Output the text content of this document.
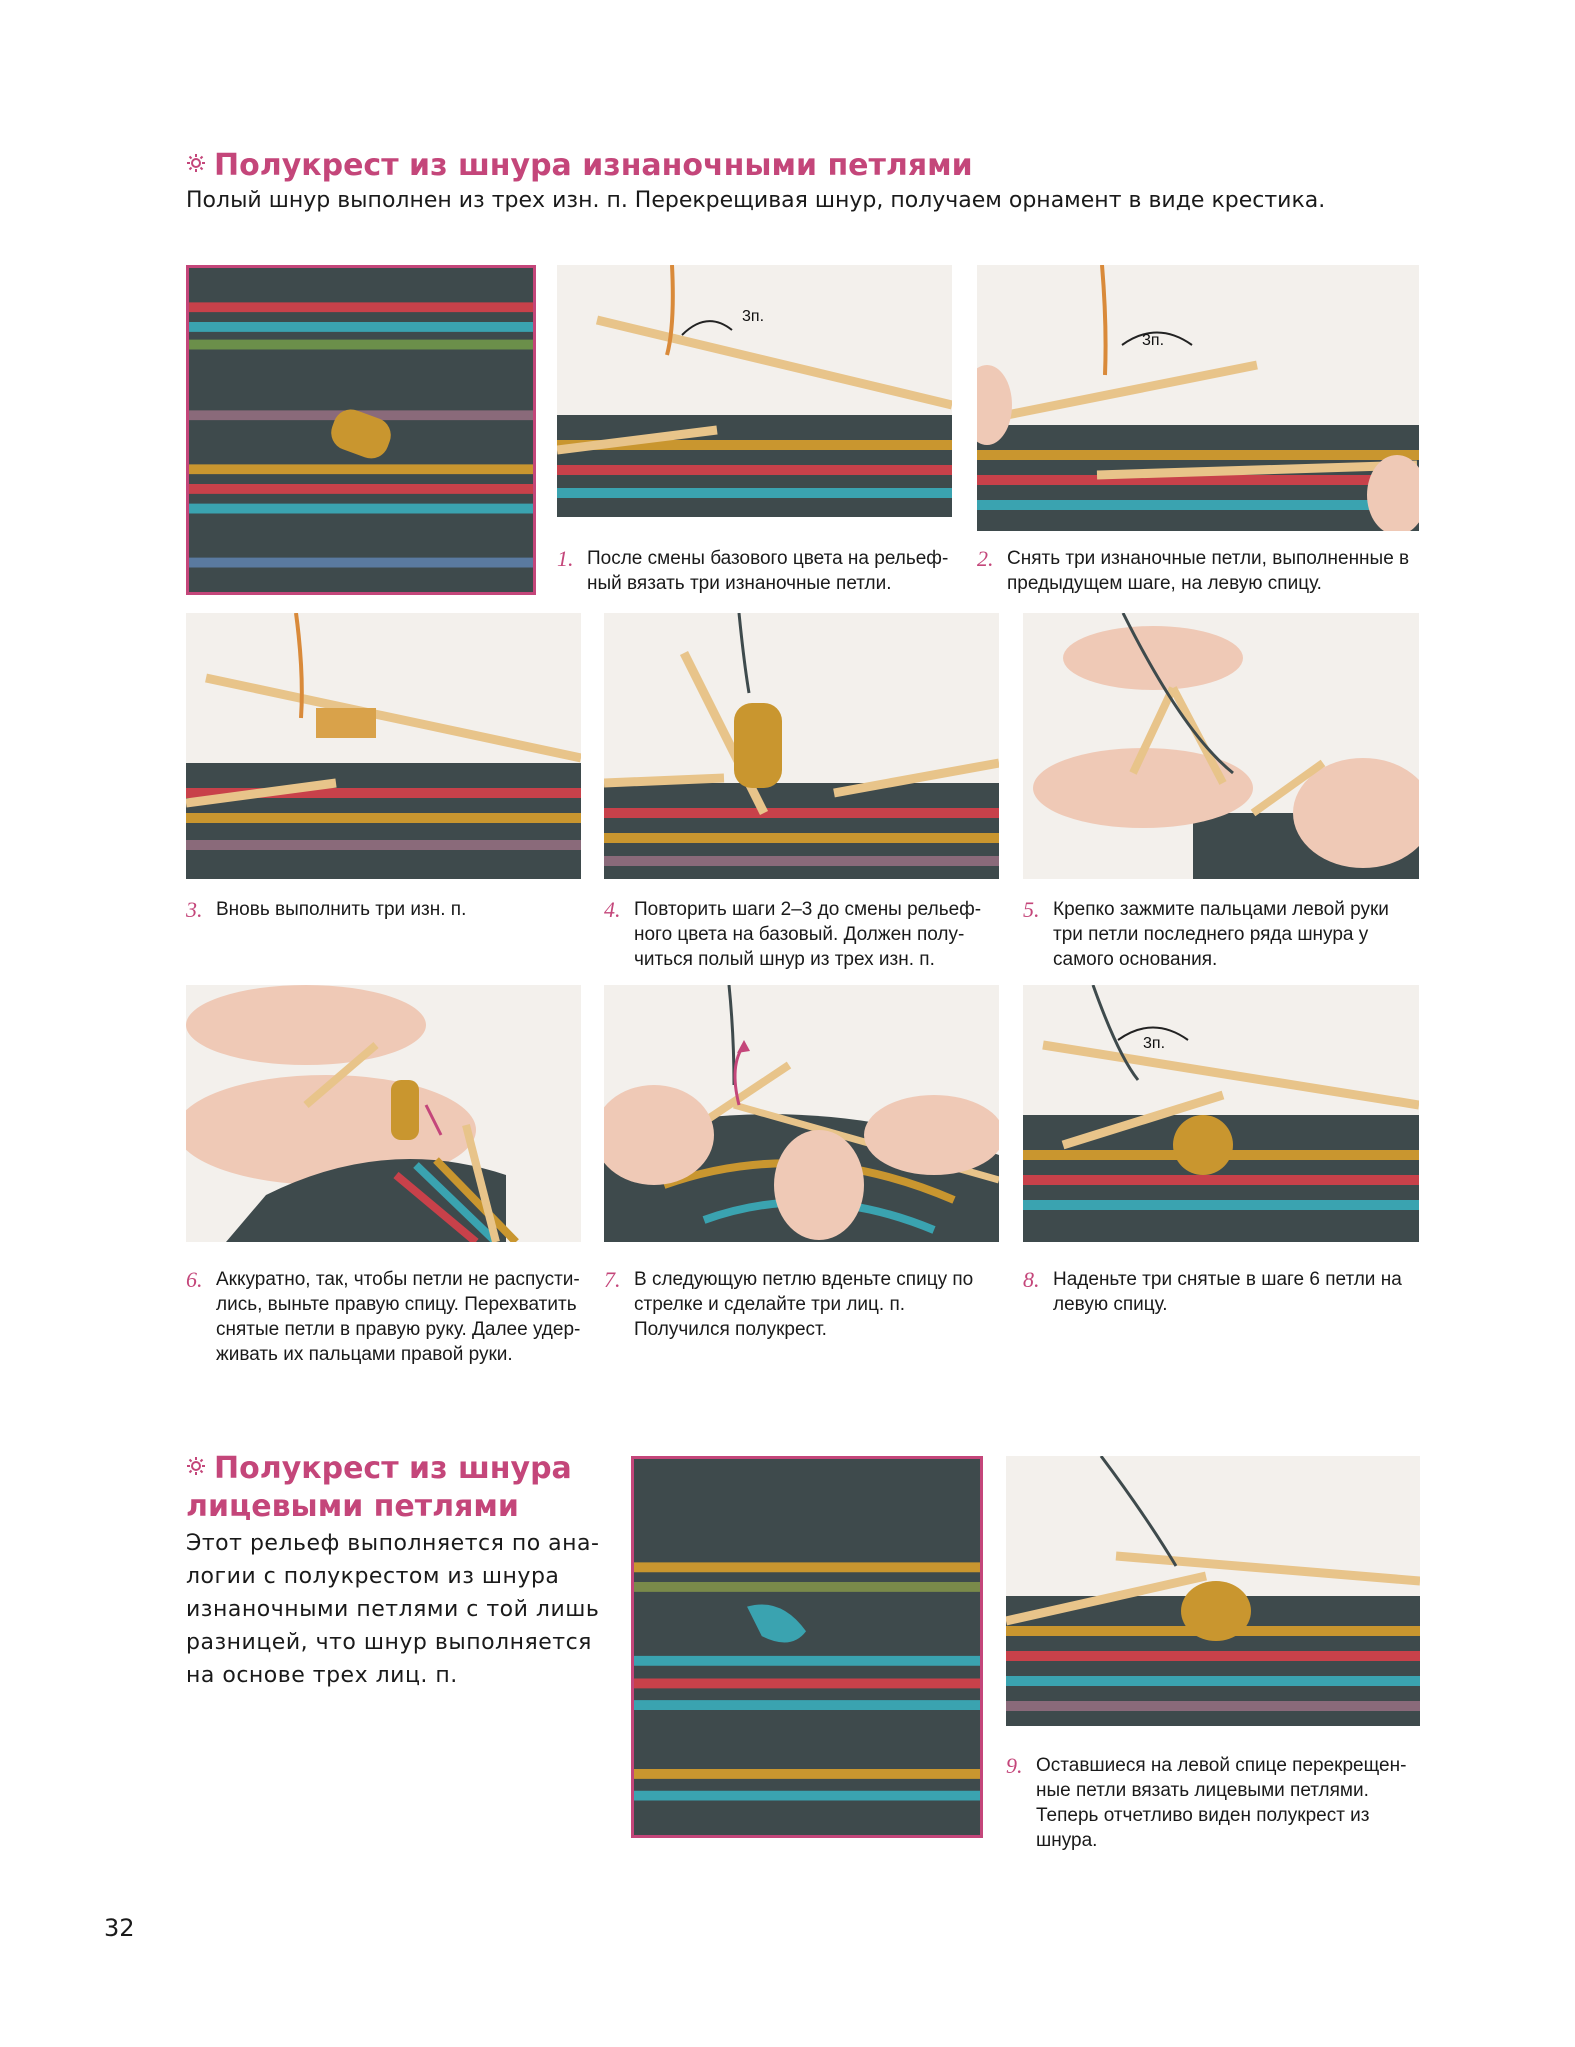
Полукрест из шнура изнаночными петлями
Полый шнур выполнен из трех изн. п. Перекрещивая шнур, получаем орнамент в виде крестика.
3п.
3п.
1. После смены базового цвета на рельеф- ный вязать три изнаночные петли.
2. Снять три изнаночные петли, выполненные в предыдущем шаге, на левую спицу.
3. Вновь выполнить три изн. п.	4. Повторить шаги 2–3 до смены рельеф- ного цвета на базовый. Должен полу- читься полый шнур из трех изн. п.
5. Крепко зажмите пальцами левой руки три петли последнего ряда шнура у самого основания.
3п.
6. Аккуратно, так, чтобы петли не распусти- лись, выньте правую спицу. Перехватить снятые петли в правую руку. Далее удер- живать их пальцами правой руки.
7. В следующую петлю вденьте спицу по стрелке и сделайте три лиц. п. Получился полукрест.
8. Наденьте три снятые в шаге 6 петли на левую спицу.
Полукрест из шнура
лицевыми петлями
Этот рельеф выполняется по ана- логии с полукрестом из шнура изнаночными петлями с той лишь разницей, что шнур выполняется на основе трех лиц. п.
9. Оставшиеся на левой спице перекрещен- ные петли вязать лицевыми петлями. Теперь отчетливо виден полукрест из шнура.
32
